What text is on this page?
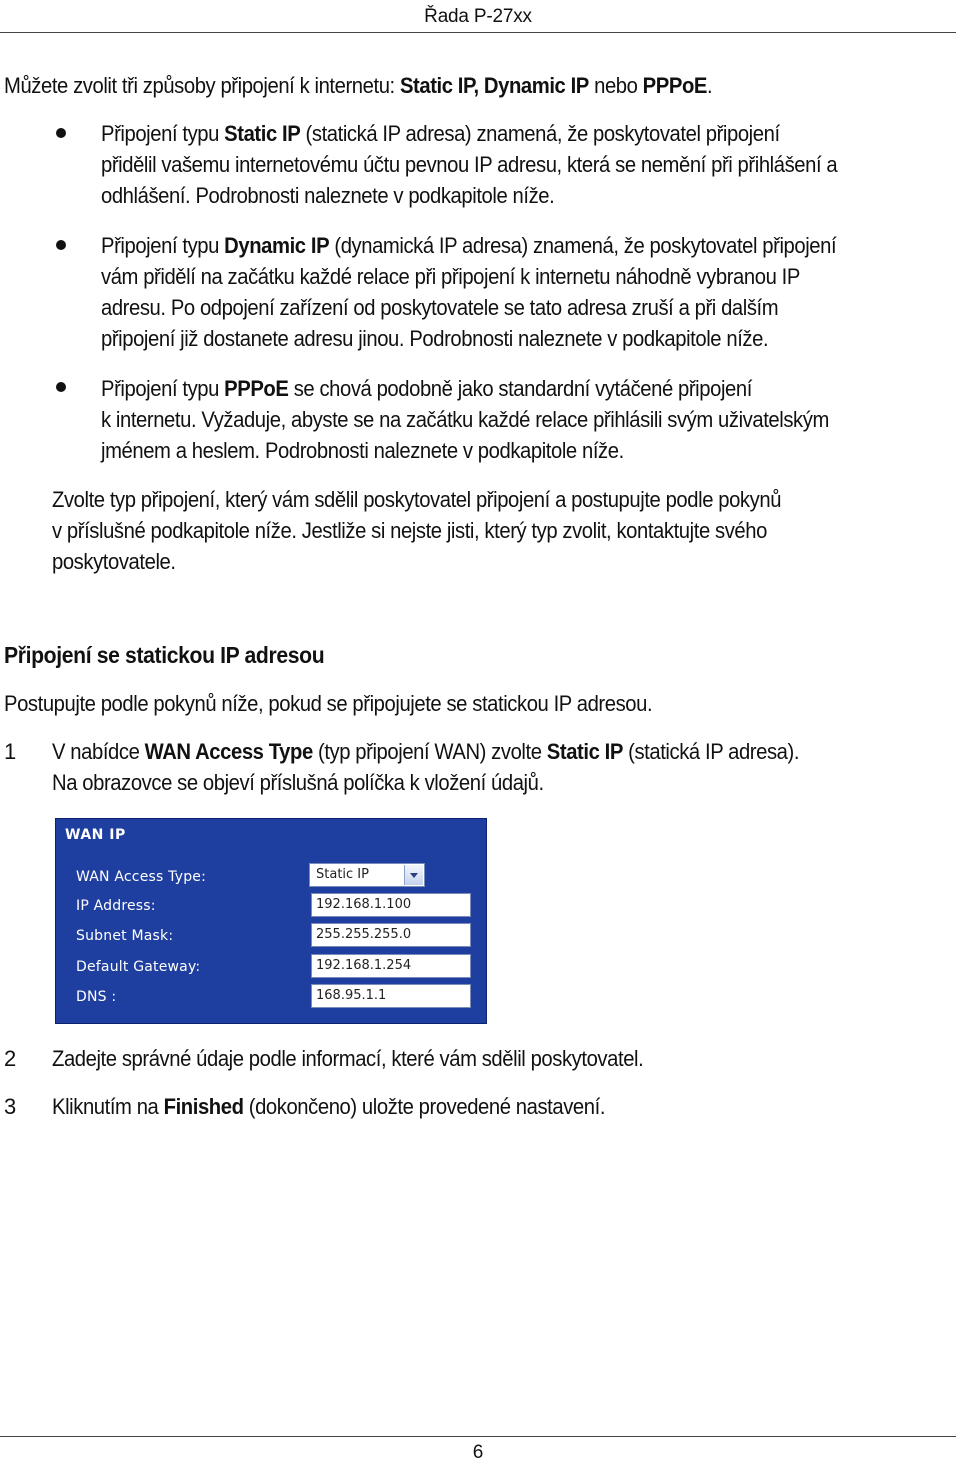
Řada P-27xx
Můžete zvolit tři způsoby připojení k internetu: Static IP, Dynamic IP nebo PPPoE.
Připojení typu Static IP (statická IP adresa) znamená, že poskytovatel připojení
přidělil vašemu internetovému účtu pevnou IP adresu, která se nemění při přihlášení a
odhlášení. Podrobnosti naleznete v podkapitole níže.
Připojení typu Dynamic IP (dynamická IP adresa) znamená, že poskytovatel připojení
vám přidělí na začátku každé relace při připojení k internetu náhodně vybranou IP
adresu. Po odpojení zařízení od poskytovatele se tato adresa zruší a při dalším
připojení již dostanete adresu jinou. Podrobnosti naleznete v podkapitole níže.
Připojení typu PPPoE se chová podobně jako standardní vytáčené připojení
k internetu. Vyžaduje, abyste se na začátku každé relace přihlásili svým uživatelským
jménem a heslem. Podrobnosti naleznete v podkapitole níže.
Zvolte typ připojení, který vám sdělil poskytovatel připojení a postupujte podle pokynů
v příslušné podkapitole níže. Jestliže si nejste jisti, který typ zvolit, kontaktujte svého
poskytovatele.
Připojení se statickou IP adresou
Postupujte podle pokynů níže, pokud se připojujete se statickou IP adresou.
1 V nabídce WAN Access Type (typ připojení WAN) zvolte Static IP (statická IP adresa).
Na obrazovce se objeví příslušná políčka k vložení údajů.
WAN IP
WAN Access Type:	Static IP
IP Address:	192.168.1.100
Subnet Mask:	255.255.255.0
Default Gateway:	192.168.1.254
DNS :	168.95.1.1
2 Zadejte správné údaje podle informací, které vám sdělil poskytovatel.
3 Kliknutím na Finished (dokončeno) uložte provedené nastavení.
6
